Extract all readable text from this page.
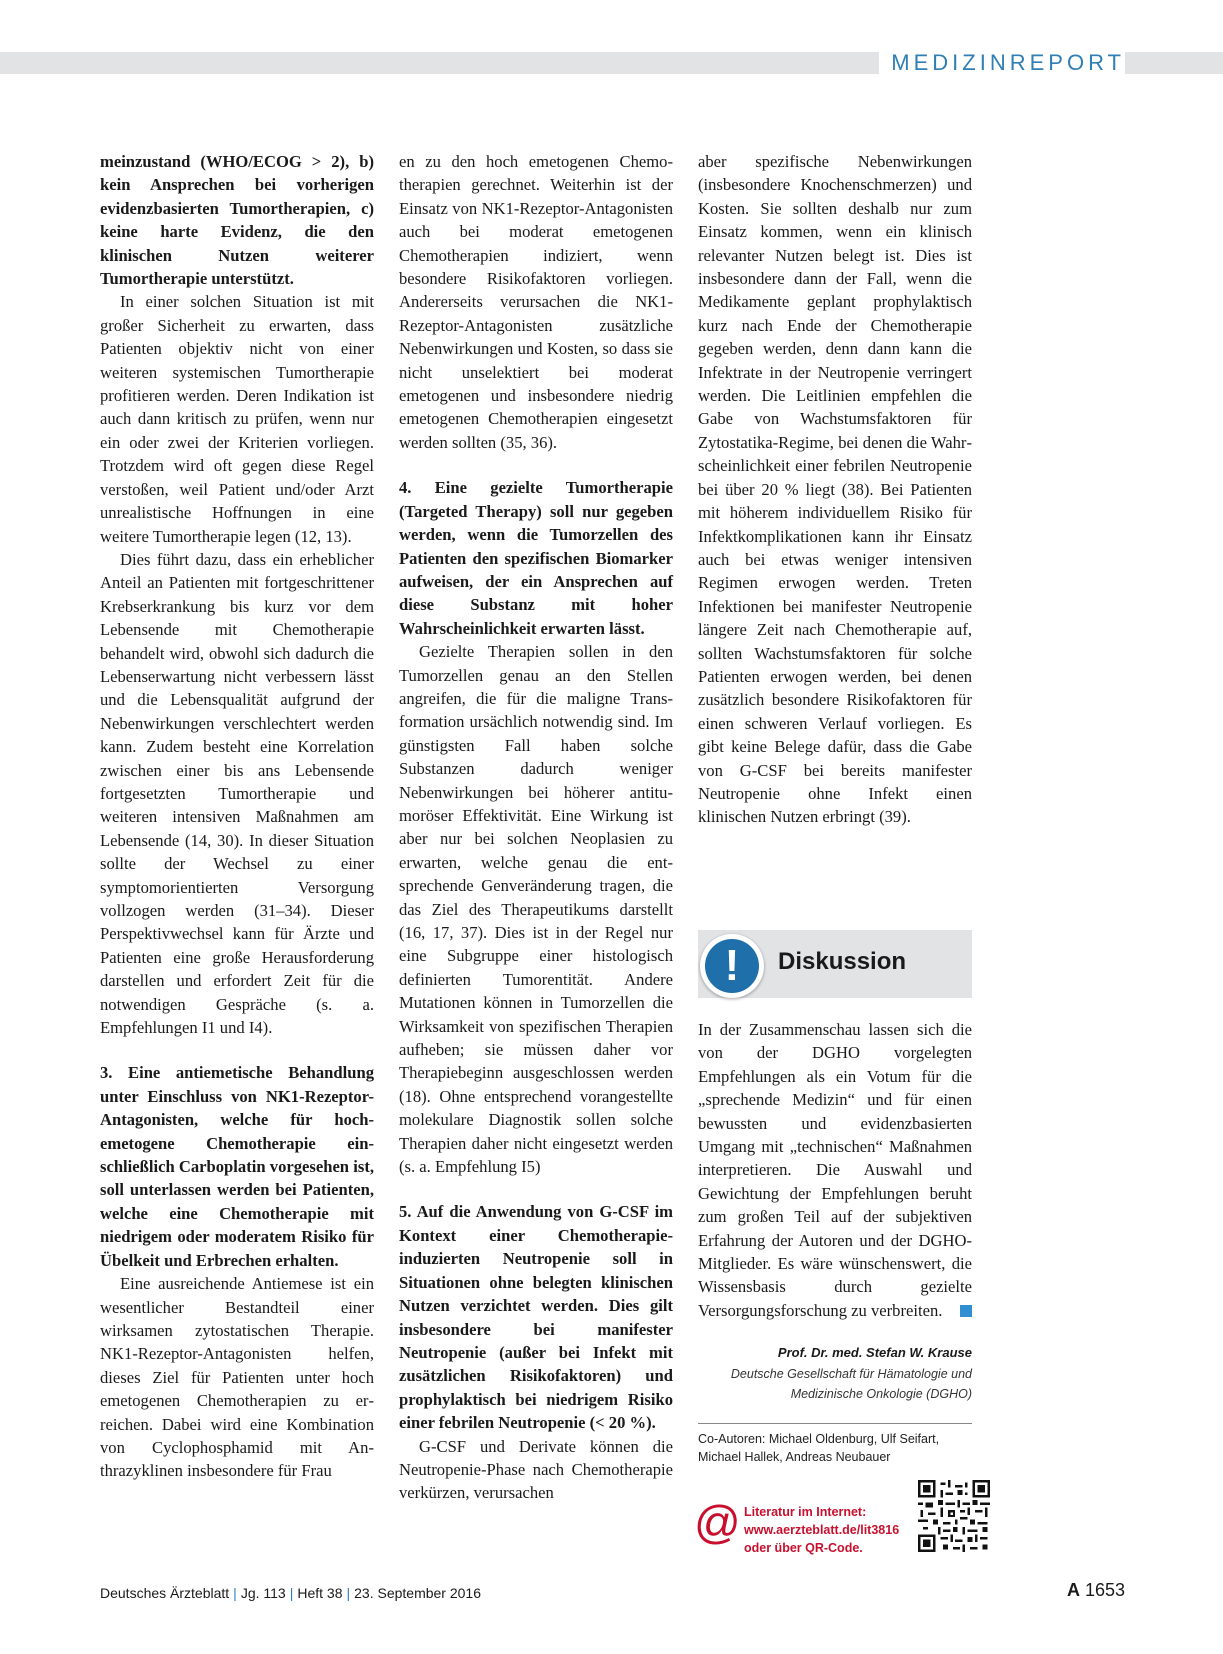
MEDIZINREPORT

meinzustand (WHO/ECOG > 2), b) kein Ansprechen bei vorherigen evidenzbasierten Tumortherapien, c) keine harte Evidenz, die den klinischen Nutzen weiterer Tumortherapie unterstützt.

In einer solchen Situation ist mit großer Sicherheit zu erwarten, dass Patienten objektiv nicht von einer weiteren systemischen Tumortherapie profitieren werden. Deren Indikation ist auch dann kritisch zu prüfen, wenn nur ein oder zwei der Kriterien vorliegen. Trotzdem wird oft gegen diese Regel verstoßen, weil Patient und/oder Arzt unrealistische Hoffnungen in eine weitere Tumortherapie legen (12, 13).

Dies führt dazu, dass ein erheblicher Anteil an Patienten mit fortgeschrittener Krebserkrankung bis kurz vor dem Lebensende mit Chemotherapie behandelt wird, obwohl sich dadurch die Lebenserwartung nicht verbessern lässt und die Lebensqualität aufgrund der Nebenwirkungen verschlechtert werden kann. Zudem besteht eine Korrelation zwischen einer bis ans Lebensende fortgesetzten Tumortherapie und weiteren intensiven Maßnahmen am Lebensende (14, 30). In dieser Situation sollte der Wechsel zu einer symptomorientierten Versorgung vollzogen werden (31–34). Dieser Perspektivwechsel kann für Ärzte und Patienten eine große Herausforderung darstellen und erfordert Zeit für die notwendigen Gespräche (s. a. Empfehlungen I1 und I4).

3. Eine antiemetische Behandlung unter Einschluss von NK1-Rezeptor-Antagonisten, welche für hochemetogene Chemotherapie einschließlich Carboplatin vorgesehen ist, soll unterlassen werden bei Patienten, welche eine Chemotherapie mit niedrigem oder moderatem Risiko für Übelkeit und Erbrechen erhalten.

Eine ausreichende Antiemese ist ein wesentlicher Bestandteil einer wirksamen zytostatischen Therapie. NK1-Rezeptor-Antagonisten helfen, dieses Ziel für Patienten unter hoch emetogenen Chemotherapien zu erreichen. Dabei wird eine Kombination von Cyclophosphamid mit Anthrazyklinen insbesondere für Frau

en zu den hoch emetogenen Chemotherapien gerechnet. Weiterhin ist der Einsatz von NK1-Rezeptor-Antagonisten auch bei moderat emetogenen Chemotherapien indiziert, wenn besondere Risikofaktoren vorliegen. Andererseits verursachen die NK1-Rezeptor-Antagonisten zusätzliche Nebenwirkungen und Kosten, so dass sie nicht unselektiert bei moderat emetogenen und insbesondere niedrig emetogenen Chemotherapien eingesetzt werden sollten (35, 36).

4. Eine gezielte Tumortherapie (Targeted Therapy) soll nur gegeben werden, wenn die Tumorzellen des Patienten den spezifischen Biomarker aufweisen, der ein Ansprechen auf diese Substanz mit hoher Wahrscheinlichkeit erwarten lässt.

Gezielte Therapien sollen in den Tumorzellen genau an den Stellen angreifen, die für die maligne Transformation ursächlich notwendig sind. Im günstigsten Fall haben solche Substanzen dadurch weniger Nebenwirkungen bei höherer antitumoröser Effektivität. Eine Wirkung ist aber nur bei solchen Neoplasien zu erwarten, welche genau die entsprechende Genveränderung tragen, die das Ziel des Therapeutikums darstellt (16, 17, 37). Dies ist in der Regel nur eine Subgruppe einer histologisch definierten Tumorentität. Andere Mutationen können in Tumorzellen die Wirksamkeit von spezifischen Therapien aufheben; sie müssen daher vor Therapiebeginn ausgeschlossen werden (18). Ohne entsprechend vorangestellte molekulare Diagnostik sollen solche Therapien daher nicht eingesetzt werden (s. a. Empfehlung I5)

5. Auf die Anwendung von G-CSF im Kontext einer Chemotherapie-induzierten Neutropenie soll in Situationen ohne belegten klinischen Nutzen verzichtet werden. Dies gilt insbesondere bei manifester Neutropenie (außer bei Infekt mit zusätzlichen Risikofaktoren) und prophylaktisch bei niedrigem Risiko einer febrilen Neutropenie (< 20 %).

G-CSF und Derivate können die Neutropenie-Phase nach Chemotherapie verkürzen, verursachen

aber spezifische Nebenwirkungen (insbesondere Knochenschmerzen) und Kosten. Sie sollten deshalb nur zum Einsatz kommen, wenn ein klinisch relevanter Nutzen belegt ist. Dies ist insbesondere dann der Fall, wenn die Medikamente geplant prophylaktisch kurz nach Ende der Chemotherapie gegeben werden, denn dann kann die Infektrate in der Neutropenie verringert werden. Die Leitlinien empfehlen die Gabe von Wachstumsfaktoren für Zytostatika-Regime, bei denen die Wahrscheinlichkeit einer febrilen Neutropenie bei über 20 % liegt (38). Bei Patienten mit höherem individuellem Risiko für Infektkomplikationen kann ihr Einsatz auch bei etwas weniger intensiven Regimen erwogen werden. Treten Infektionen bei manifester Neutropenie längere Zeit nach Chemotherapie auf, sollten Wachstumsfaktoren für solche Patienten erwogen werden, bei denen zusätzlich besondere Risikofaktoren für einen schweren Verlauf vorliegen. Es gibt keine Belege dafür, dass die Gabe von G-CSF bei bereits manifester Neutropenie ohne Infekt einen klinischen Nutzen erbringt (39).

!	Diskussion

In der Zusammenschau lassen sich die von der DGHO vorgelegten Empfehlungen als ein Votum für die „sprechende Medizin“ und für einen bewussten und evidenzbasierten Umgang mit „technischen“ Maßnahmen interpretieren. Die Auswahl und Gewichtung der Empfehlungen beruht zum großen Teil auf der subjektiven Erfahrung der Autoren und der DGHO-Mitglieder. Es wäre wünschenswert, die Wissensbasis durch gezielte Versorgungsforschung zu verbreiten.

Prof. Dr. med. Stefan W. Krause
Deutsche Gesellschaft für Hämatologie und
Medizinische Onkologie (DGHO)
Co-Autoren: Michael Oldenburg, Ulf Seifart, Michael Hallek, Andreas Neubauer
@ Literatur im Internet:
www.aerzteblatt.de/lit3816
oder über QR-Code.
Deutsches Ärzteblatt | Jg. 113 | Heft 38 | 23. September 2016	A 1653
